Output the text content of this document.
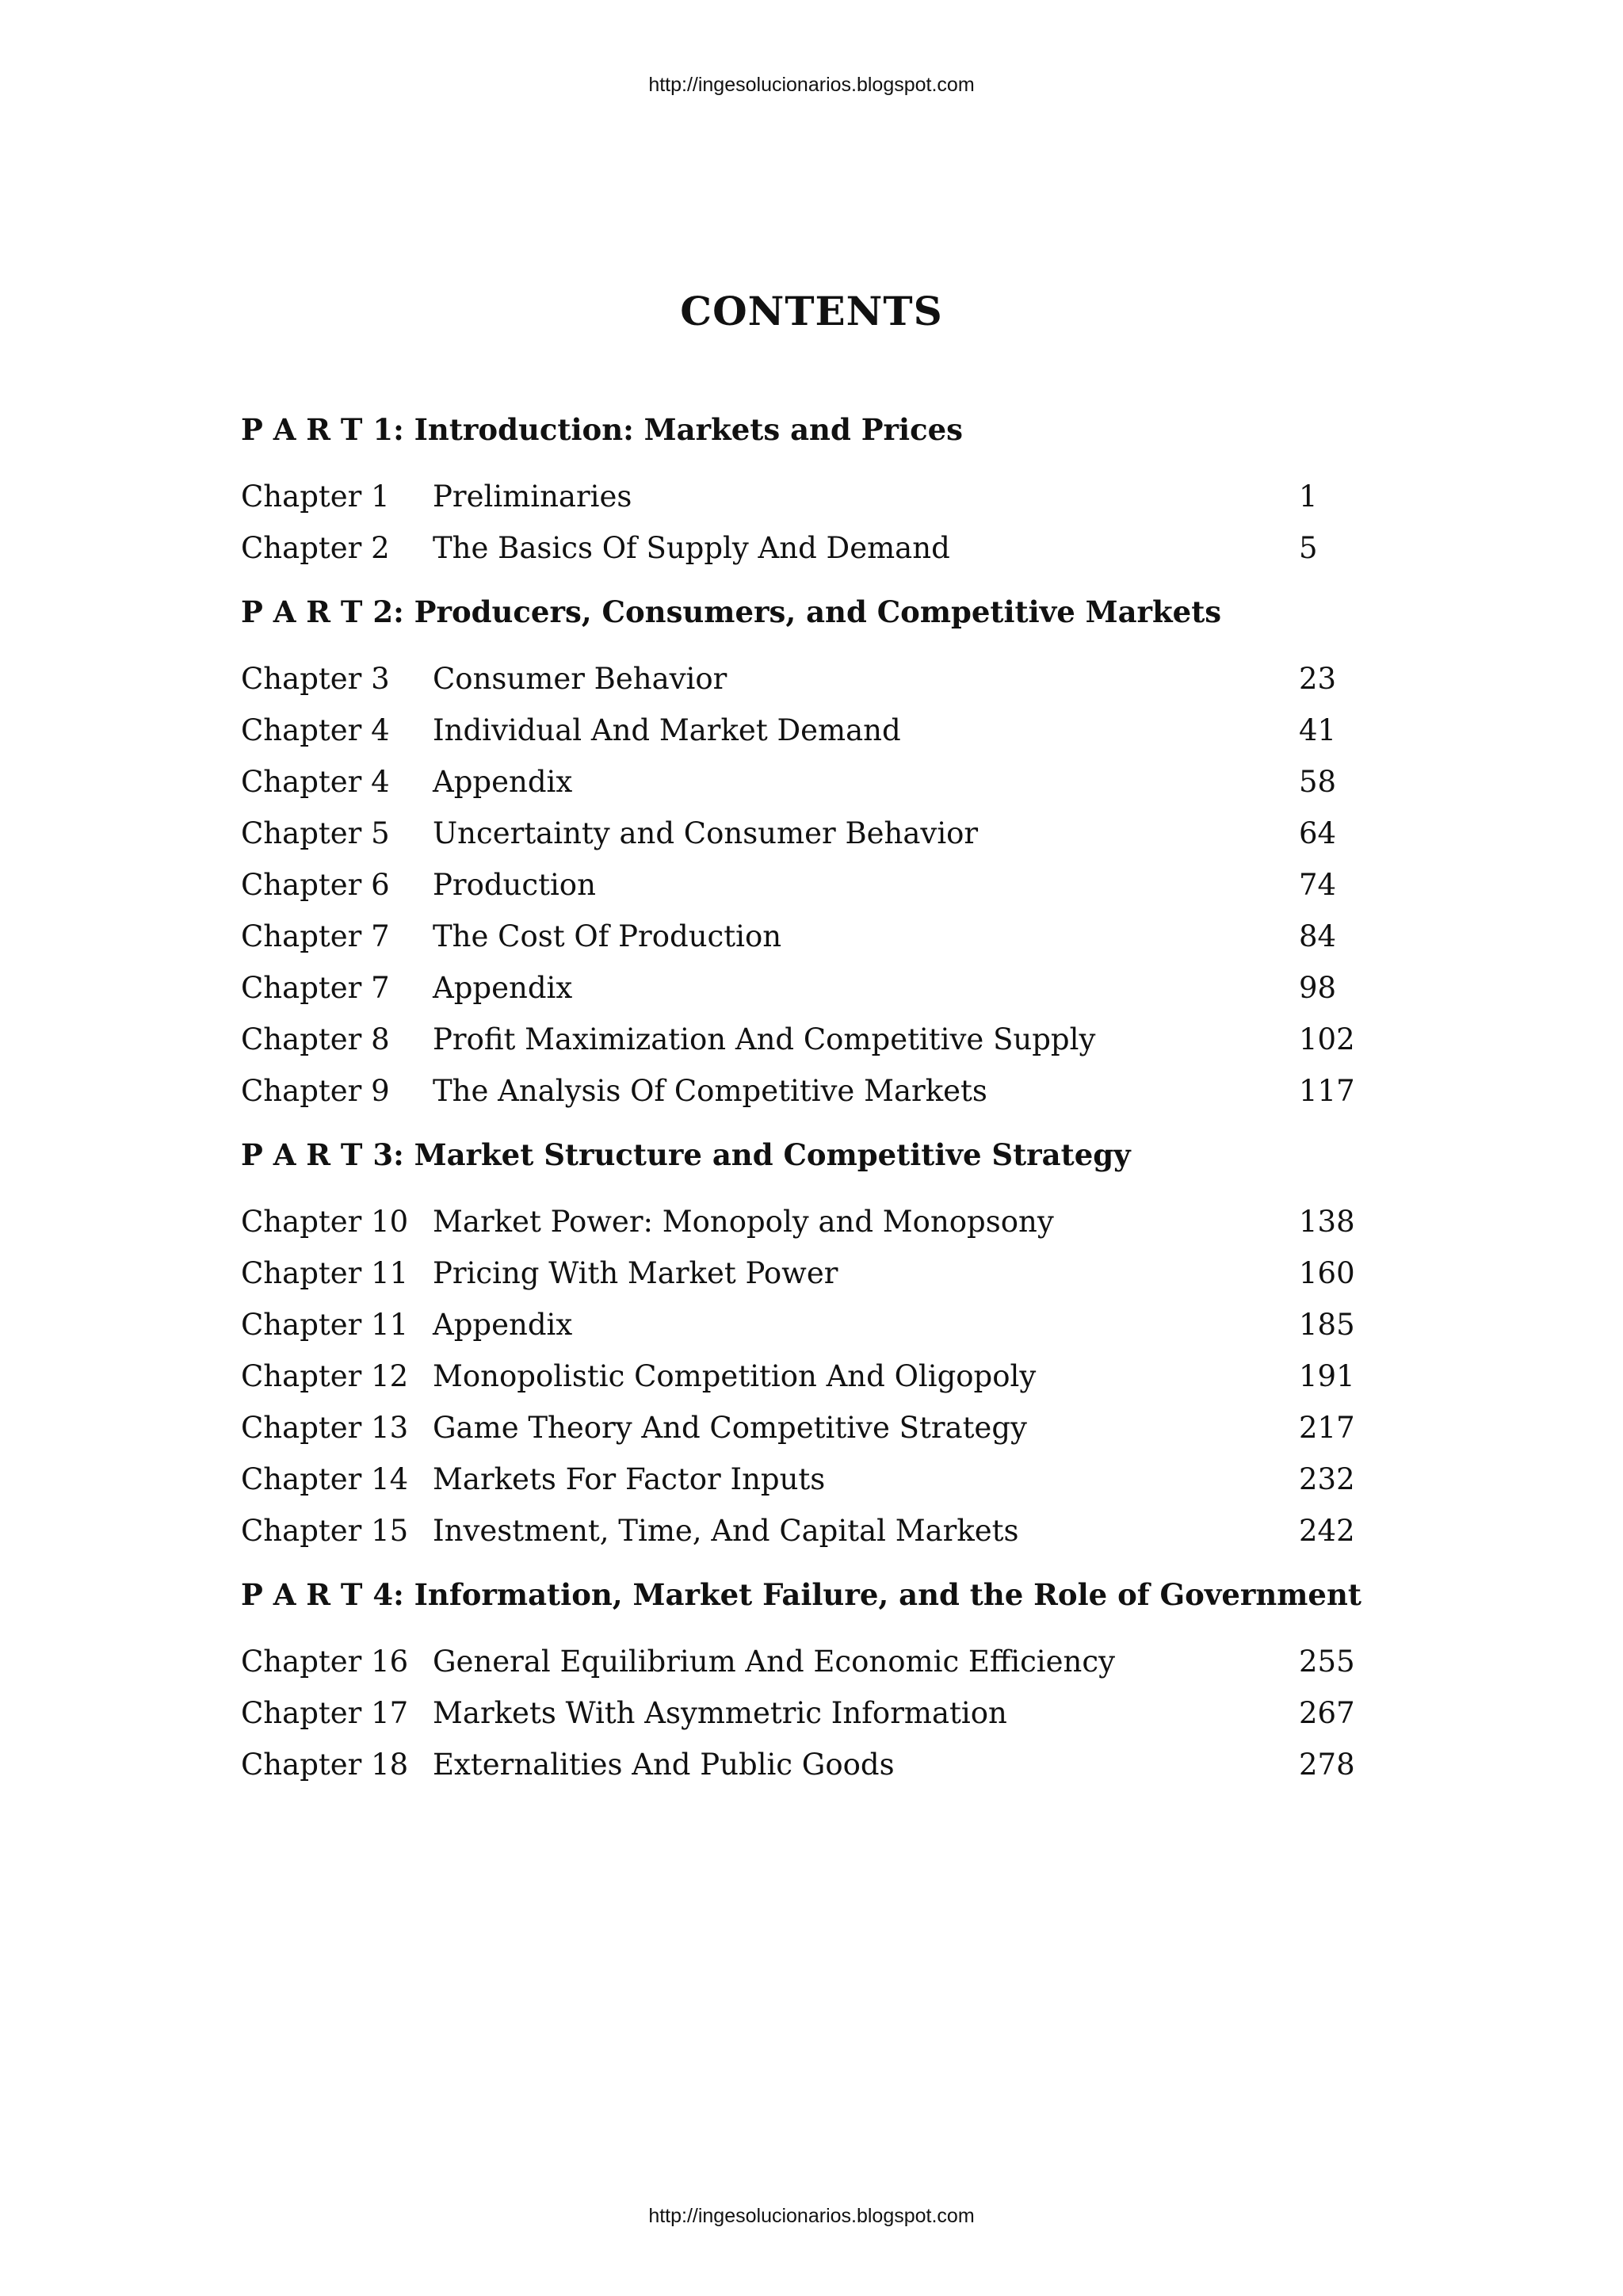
http://ingesolucionarios.blogspot.com
CONTENTS
P A R T 1: Introduction: Markets and Prices
Chapter 1	Preliminaries	1
Chapter 2	The Basics Of Supply And Demand	5
P A R T 2: Producers, Consumers, and Competitive Markets
Chapter 3	Consumer Behavior	23
Chapter 4	Individual And Market Demand	41
Chapter 4	Appendix	58
Chapter 5	Uncertainty and Consumer Behavior	64
Chapter 6	Production	74
Chapter 7	The Cost Of Production	84
Chapter 7	Appendix	98
Chapter 8	Profit Maximization And Competitive Supply	102
Chapter 9	The Analysis Of Competitive Markets	117
P A R T 3: Market Structure and Competitive Strategy
Chapter 10 Market Power: Monopoly and Monopsony	138
Chapter 11 Pricing With Market Power	160
Chapter 11 Appendix	185
Chapter 12 Monopolistic Competition And Oligopoly	191
Chapter 13 Game Theory And Competitive Strategy	217
Chapter 14 Markets For Factor Inputs	232
Chapter 15 Investment, Time, And Capital Markets	242
P A R T 4: Information, Market Failure, and the Role of Government
Chapter 16 General Equilibrium And Economic Efficiency	255
Chapter 17 Markets With Asymmetric Information	267
Chapter 18 Externalities And Public Goods	278
http://ingesolucionarios.blogspot.com
